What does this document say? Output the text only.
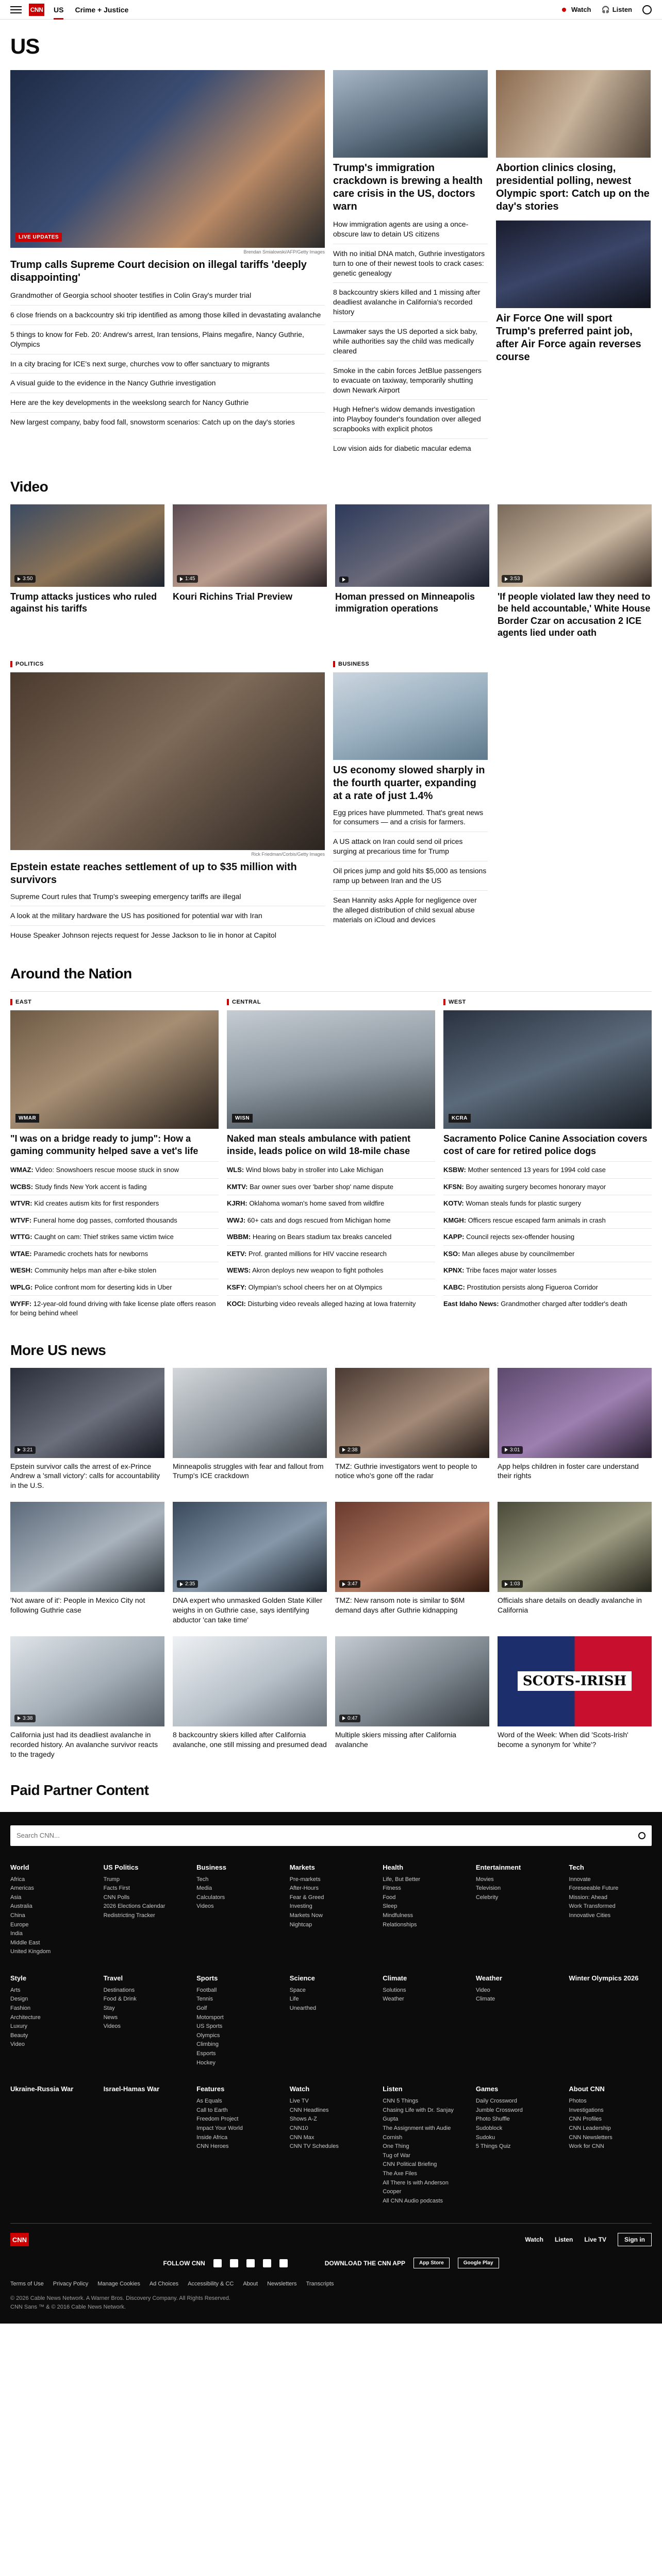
CNN US Crime + Justice	Watch 🎧 Listen
US
LIVE UPDATES
Brendan Smialowski/AFP/Getty Images
Trump calls Supreme Court decision on illegal tariffs 'deeply disappointing'
Grandmother of Georgia school shooter testifies in Colin Gray's murder trial
6 close friends on a backcountry ski trip identified as among those killed in devastating avalanche
5 things to know for Feb. 20: Andrew's arrest, Iran tensions, Plains megafire, Nancy Guthrie, Olympics
In a city bracing for ICE's next surge, churches vow to offer sanctuary to migrants
A visual guide to the evidence in the Nancy Guthrie investigation
Here are the key developments in the weekslong search for Nancy Guthrie
New largest company, baby food fall, snowstorm scenarios: Catch up on the day's stories
Trump's immigration crackdown is brewing a health care crisis in the US, doctors warn
How immigration agents are using a once-obscure law to detain US citizens
With no initial DNA match, Guthrie investigators turn to one of their newest tools to crack cases: genetic genealogy
8 backcountry skiers killed and 1 missing after deadliest avalanche in California's recorded history
Lawmaker says the US deported a sick baby, while authorities say the child was medically cleared
Smoke in the cabin forces JetBlue passengers to evacuate on taxiway, temporarily shutting down Newark Airport
Hugh Hefner's widow demands investigation into Playboy founder's foundation over alleged scrapbooks with explicit photos
Low vision aids for diabetic macular edema
Abortion clinics closing, presidential polling, newest Olympic sport: Catch up on the day's stories
Air Force One will sport Trump's preferred paint job, after Air Force again reverses course
Video
3:50
Trump attacks justices who ruled against his tariffs
1:45
Kouri Richins Trial Preview	Homan pressed on Minneapolis immigration operations
3:53
'If people violated law they need to be held accountable,' White House Border Czar on accusation 2 ICE agents lied under oath
POLITICS
Rick Friedman/Corbis/Getty Images
Epstein estate reaches settlement of up to $35 million with survivors
Supreme Court rules that Trump's sweeping emergency tariffs are illegal
A look at the military hardware the US has positioned for potential war with Iran
House Speaker Johnson rejects request for Jesse Jackson to lie in honor at Capitol
BUSINESS
US economy slowed sharply in the fourth quarter, expanding at a rate of just 1.4%
Egg prices have plummeted. That's great news for consumers — and a crisis for farmers.
A US attack on Iran could send oil prices surging at precarious time for Trump
Oil prices jump and gold hits $5,000 as tensions ramp up between Iran and the US
Sean Hannity asks Apple for negligence over the alleged distribution of child sexual abuse materials on iCloud and devices
Around the Nation
EAST
WMAR
"I was on a bridge ready to jump": How a gaming community helped save a vet's life
WMAZ: Video: Snowshoers rescue moose stuck in snow
WCBS: Study finds New York accent is fading
WTVR: Kid creates autism kits for first responders
WTVF: Funeral home dog passes, comforted thousands
WTTG: Caught on cam: Thief strikes same victim twice
WTAE: Paramedic crochets hats for newborns
WESH: Community helps man after e-bike stolen
WPLG: Police confront mom for deserting kids in Uber
WYFF: 12-year-old found driving with fake license plate offers reason for being behind wheel
CENTRAL
WISN
Naked man steals ambulance with patient inside, leads police on wild 18-mile chase
WLS: Wind blows baby in stroller into Lake Michigan
KMTV: Bar owner sues over 'barber shop' name dispute
KJRH: Oklahoma woman's home saved from wildfire
WWJ: 60+ cats and dogs rescued from Michigan home
WBBM: Hearing on Bears stadium tax breaks canceled
KETV: Prof. granted millions for HIV vaccine research
WEWS: Akron deploys new weapon to fight potholes
KSFY: Olympian's school cheers her on at Olympics
KOCI: Disturbing video reveals alleged hazing at Iowa fraternity
WEST
KCRA
Sacramento Police Canine Association covers cost of care for retired police dogs
KSBW: Mother sentenced 13 years for 1994 cold case
KFSN: Boy awaiting surgery becomes honorary mayor
KOTV: Woman steals funds for plastic surgery
KMGH: Officers rescue escaped farm animals in crash
KAPP: Council rejects sex-offender housing
KSO: Man alleges abuse by councilmember
KPNX: Tribe faces major water losses
KABC: Prostitution persists along Figueroa Corridor
East Idaho News: Grandmother charged after toddler's death
More US news
3:21
Epstein survivor calls the arrest of ex-Prince Andrew a 'small victory': calls for accountability in the U.S.
Minneapolis struggles with fear and fallout from Trump's ICE crackdown
2:38
TMZ: Guthrie investigators went to people to notice who's gone off the radar
3:01
App helps children in foster care understand their rights
'Not aware of it': People in Mexico City not following Guthrie case
2:35
DNA expert who unmasked Golden State Killer weighs in on Guthrie case, says identifying abductor 'can take time'
3:47
TMZ: New ransom note is similar to $6M demand days after Guthrie kidnapping
1:03
Officials share details on deadly avalanche in California
3:38
California just had its deadliest avalanche in recorded history. An avalanche survivor reacts to the tragedy
8 backcountry skiers killed after California avalanche, one still missing and presumed dead
0:47
Multiple skiers missing after California avalanche
SCOTS-IRISH
Word of the Week: When did 'Scots-Irish' become a synonym for 'white'?
Paid Partner Content
Search CNN...
World
Africa
Americas
Asia
Australia
China
Europe
India
Middle East
United Kingdom
US Politics
Trump
Facts First
CNN Polls
2026 Elections Calendar
Redistricting Tracker
Business
Tech
Media
Calculators
Videos
Markets
Pre-markets
After-Hours
Fear & Greed
Investing
Markets Now
Nightcap
Health
Life, But Better
Fitness
Food
Sleep
Mindfulness
Relationships
Entertainment
Movies
Television
Celebrity
Tech
Innovate
Foreseeable Future
Mission: Ahead
Work Transformed
Innovative Cities
Style
Arts
Design
Fashion
Architecture
Luxury
Beauty
Video
Travel
Destinations
Food & Drink
Stay
News
Videos
Sports
Football
Tennis
Golf
Motorsport
US Sports
Olympics
Climbing
Esports
Hockey
Science
Space
Life
Unearthed
Climate
Solutions
Weather
Weather
Video
Climate
Winter Olympics 2026
Ukraine-Russia War	Israel-Hamas War	Features
As Equals
Call to Earth
Freedom Project
Impact Your World
Inside Africa
CNN Heroes
Watch
Live TV
CNN Headlines
Shows A-Z
CNN10
CNN Max
CNN TV Schedules
Listen
CNN 5 Things
Chasing Life with Dr. Sanjay Gupta
The Assignment with Audie Cornish
One Thing
Tug of War
CNN Political Briefing
The Axe Files
All There Is with Anderson Cooper
All CNN Audio podcasts
Games
Daily Crossword
Jumble Crossword
Photo Shuffle
Sudoblock
Sudoku
5 Things Quiz
About CNN
Photos
Investigations
CNN Profiles
CNN Leadership
CNN Newsletters
Work for CNN
CNN	Watch Listen Live TV	Sign in
FOLLOW CNN	DOWNLOAD THE CNN APP	App Store	Google Play
Terms of Use Privacy Policy Manage Cookies Ad Choices Accessibility & CC About Newsletters Transcripts
© 2026 Cable News Network. A Warner Bros. Discovery Company. All Rights Reserved.
CNN Sans ™ & © 2016 Cable News Network.
